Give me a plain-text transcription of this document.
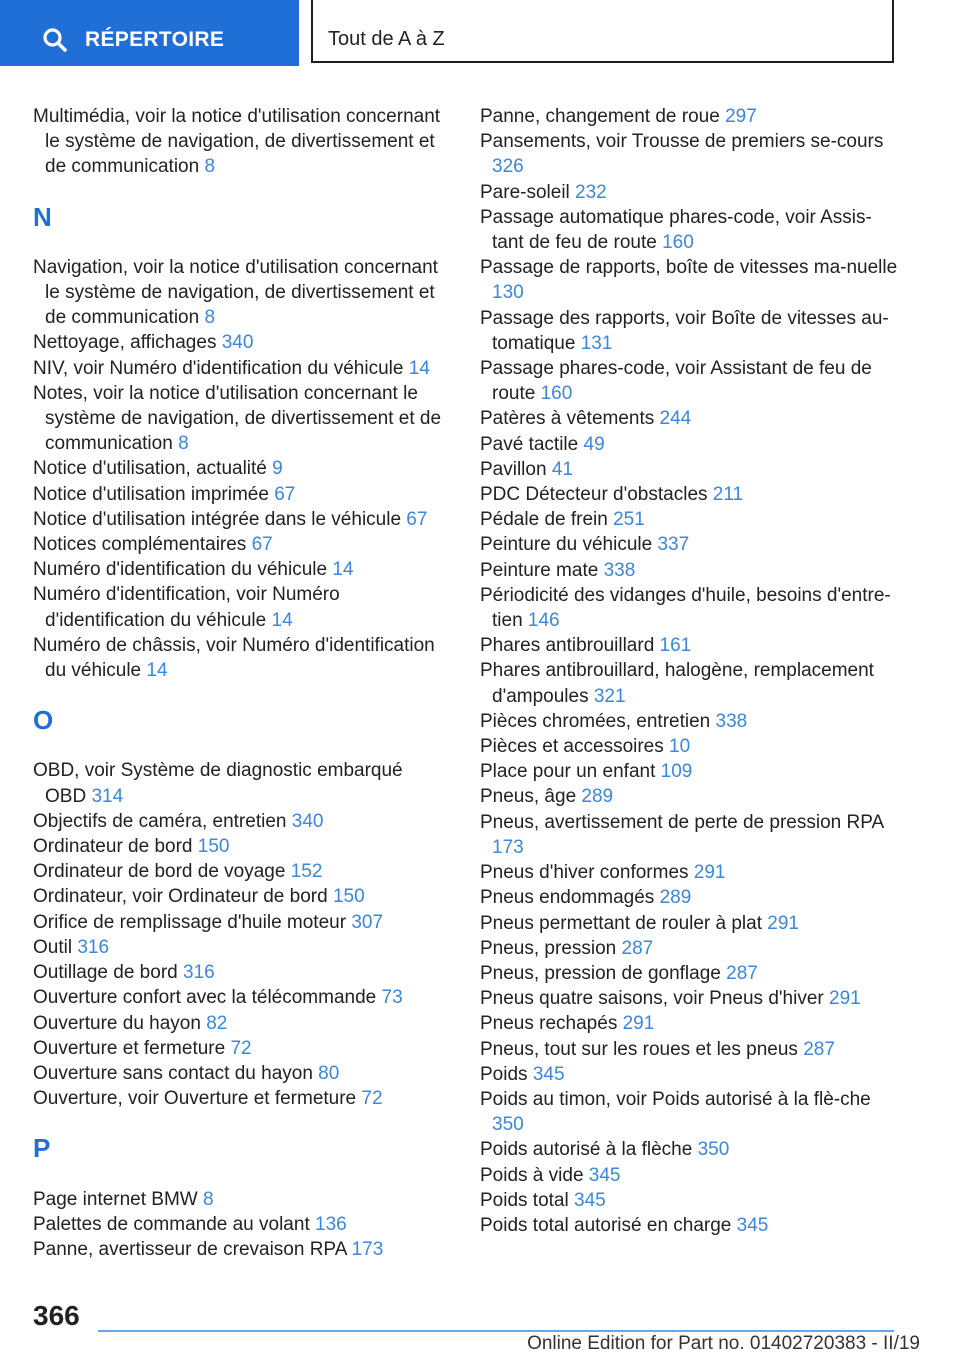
RÉPERTOIRE	Tout de A à Z
Multimédia, voir la notice d'utilisation concernant le système de navigation, de divertissement et de communication 8
N
Navigation, voir la notice d'utilisation concernant le système de navigation, de divertissement et de communication 8
Nettoyage, affichages 340
NIV, voir Numéro d'identification du véhicule 14
Notes, voir la notice d'utilisation concernant le système de navigation, de divertissement et de communication 8
Notice d'utilisation, actualité 9
Notice d'utilisation imprimée 67
Notice d'utilisation intégrée dans le véhicule 67
Notices complémentaires 67
Numéro d'identification du véhicule 14
Numéro d'identification, voir Numéro d'identification du véhicule 14
Numéro de châssis, voir Numéro d'identification du véhicule 14
O
OBD, voir Système de diagnostic embarqué OBD 314
Objectifs de caméra, entretien 340
Ordinateur de bord 150
Ordinateur de bord de voyage 152
Ordinateur, voir Ordinateur de bord 150
Orifice de remplissage d'huile moteur 307
Outil 316
Outillage de bord 316
Ouverture confort avec la télécommande 73
Ouverture du hayon 82
Ouverture et fermeture 72
Ouverture sans contact du hayon 80
Ouverture, voir Ouverture et fermeture 72
P
Page internet BMW 8
Palettes de commande au volant 136
Panne, avertisseur de crevaison RPA 173
Panne, changement de roue 297
Pansements, voir Trousse de premiers se‐cours 326
Pare-soleil 232
Passage automatique phares-code, voir Assis‐tant de feu de route 160
Passage de rapports, boîte de vitesses ma‐nuelle 130
Passage des rapports, voir Boîte de vitesses au‐tomatique 131
Passage phares-code, voir Assistant de feu de route 160
Patères à vêtements 244
Pavé tactile 49
Pavillon 41
PDC Détecteur d'obstacles 211
Pédale de frein 251
Peinture du véhicule 337
Peinture mate 338
Périodicité des vidanges d'huile, besoins d'entre‐tien 146
Phares antibrouillard 161
Phares antibrouillard, halogène, remplacement d'ampoules 321
Pièces chromées, entretien 338
Pièces et accessoires 10
Place pour un enfant 109
Pneus, âge 289
Pneus, avertissement de perte de pression RPA 173
Pneus d'hiver conformes 291
Pneus endommagés 289
Pneus permettant de rouler à plat 291
Pneus, pression 287
Pneus, pression de gonflage 287
Pneus quatre saisons, voir Pneus d'hiver 291
Pneus rechapés 291
Pneus, tout sur les roues et les pneus 287
Poids 345
Poids au timon, voir Poids autorisé à la flè‐che 350
Poids autorisé à la flèche 350
Poids à vide 345
Poids total 345
Poids total autorisé en charge 345
366
Online Edition for Part no. 01402720383 - II/19
